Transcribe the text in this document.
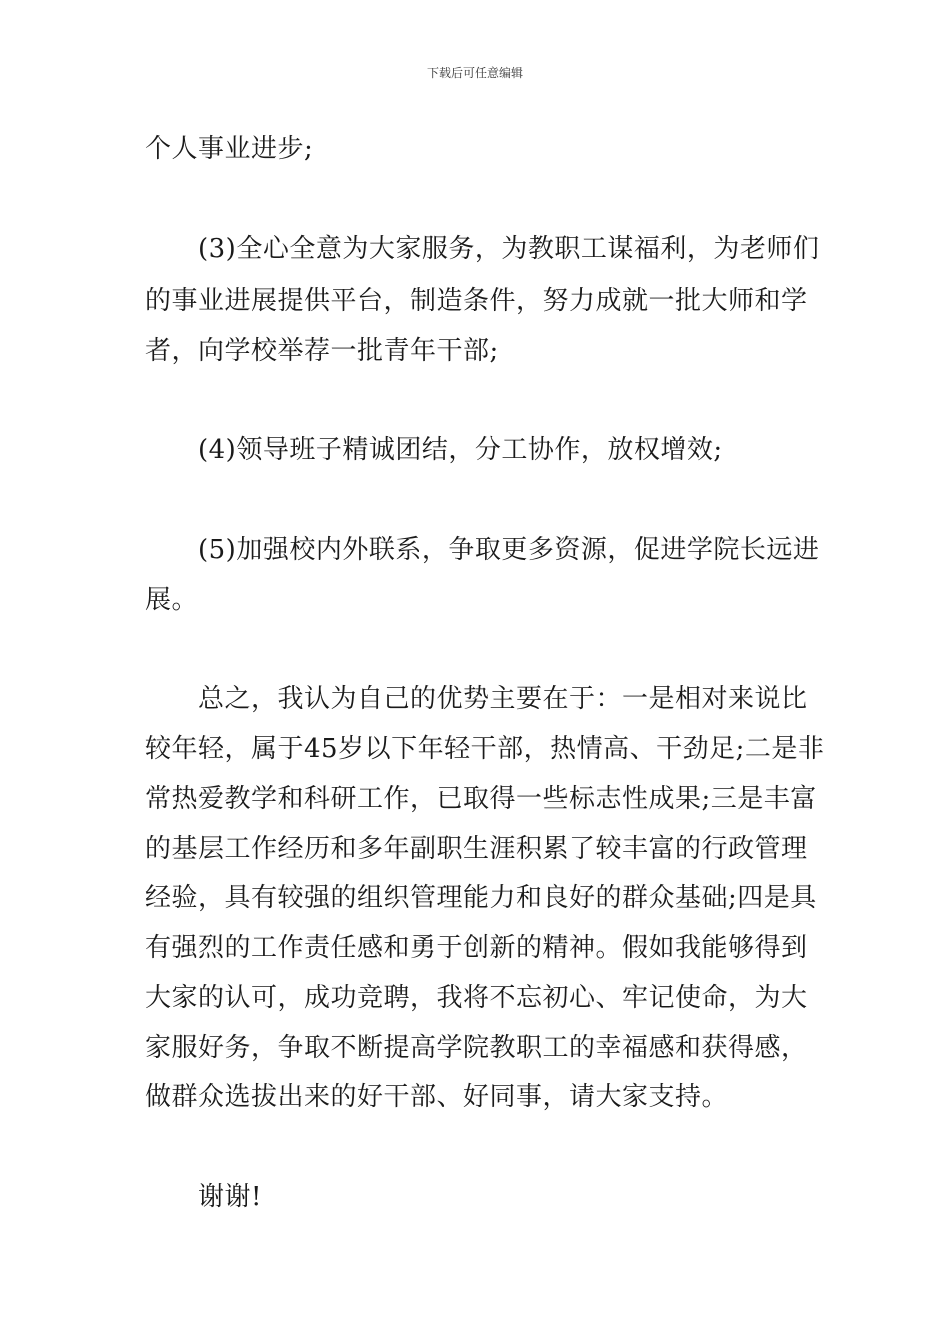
下载后可任意编辑
个人事业进步;
(3)全心全意为大家服务，为教职工谋福利，为老师们
的事业进展提供平台，制造条件，努力成就一批大师和学
者，向学校举荐一批青年干部;
(4)领导班子精诚团结，分工协作，放权增效;
(5)加强校内外联系，争取更多资源，促进学院长远进
展。
总之，我认为自己的优势主要在于：一是相对来说比
较年轻，属于45岁以下年轻干部，热情高、干劲足;二是非
常热爱教学和科研工作，已取得一些标志性成果;三是丰富
的基层工作经历和多年副职生涯积累了较丰富的行政管理
经验，具有较强的组织管理能力和良好的群众基础;四是具
有强烈的工作责任感和勇于创新的精神。假如我能够得到
大家的认可，成功竞聘，我将不忘初心、牢记使命，为大
家服好务，争取不断提高学院教职工的幸福感和获得感，
做群众选拔出来的好干部、好同事，请大家支持。
谢谢!
